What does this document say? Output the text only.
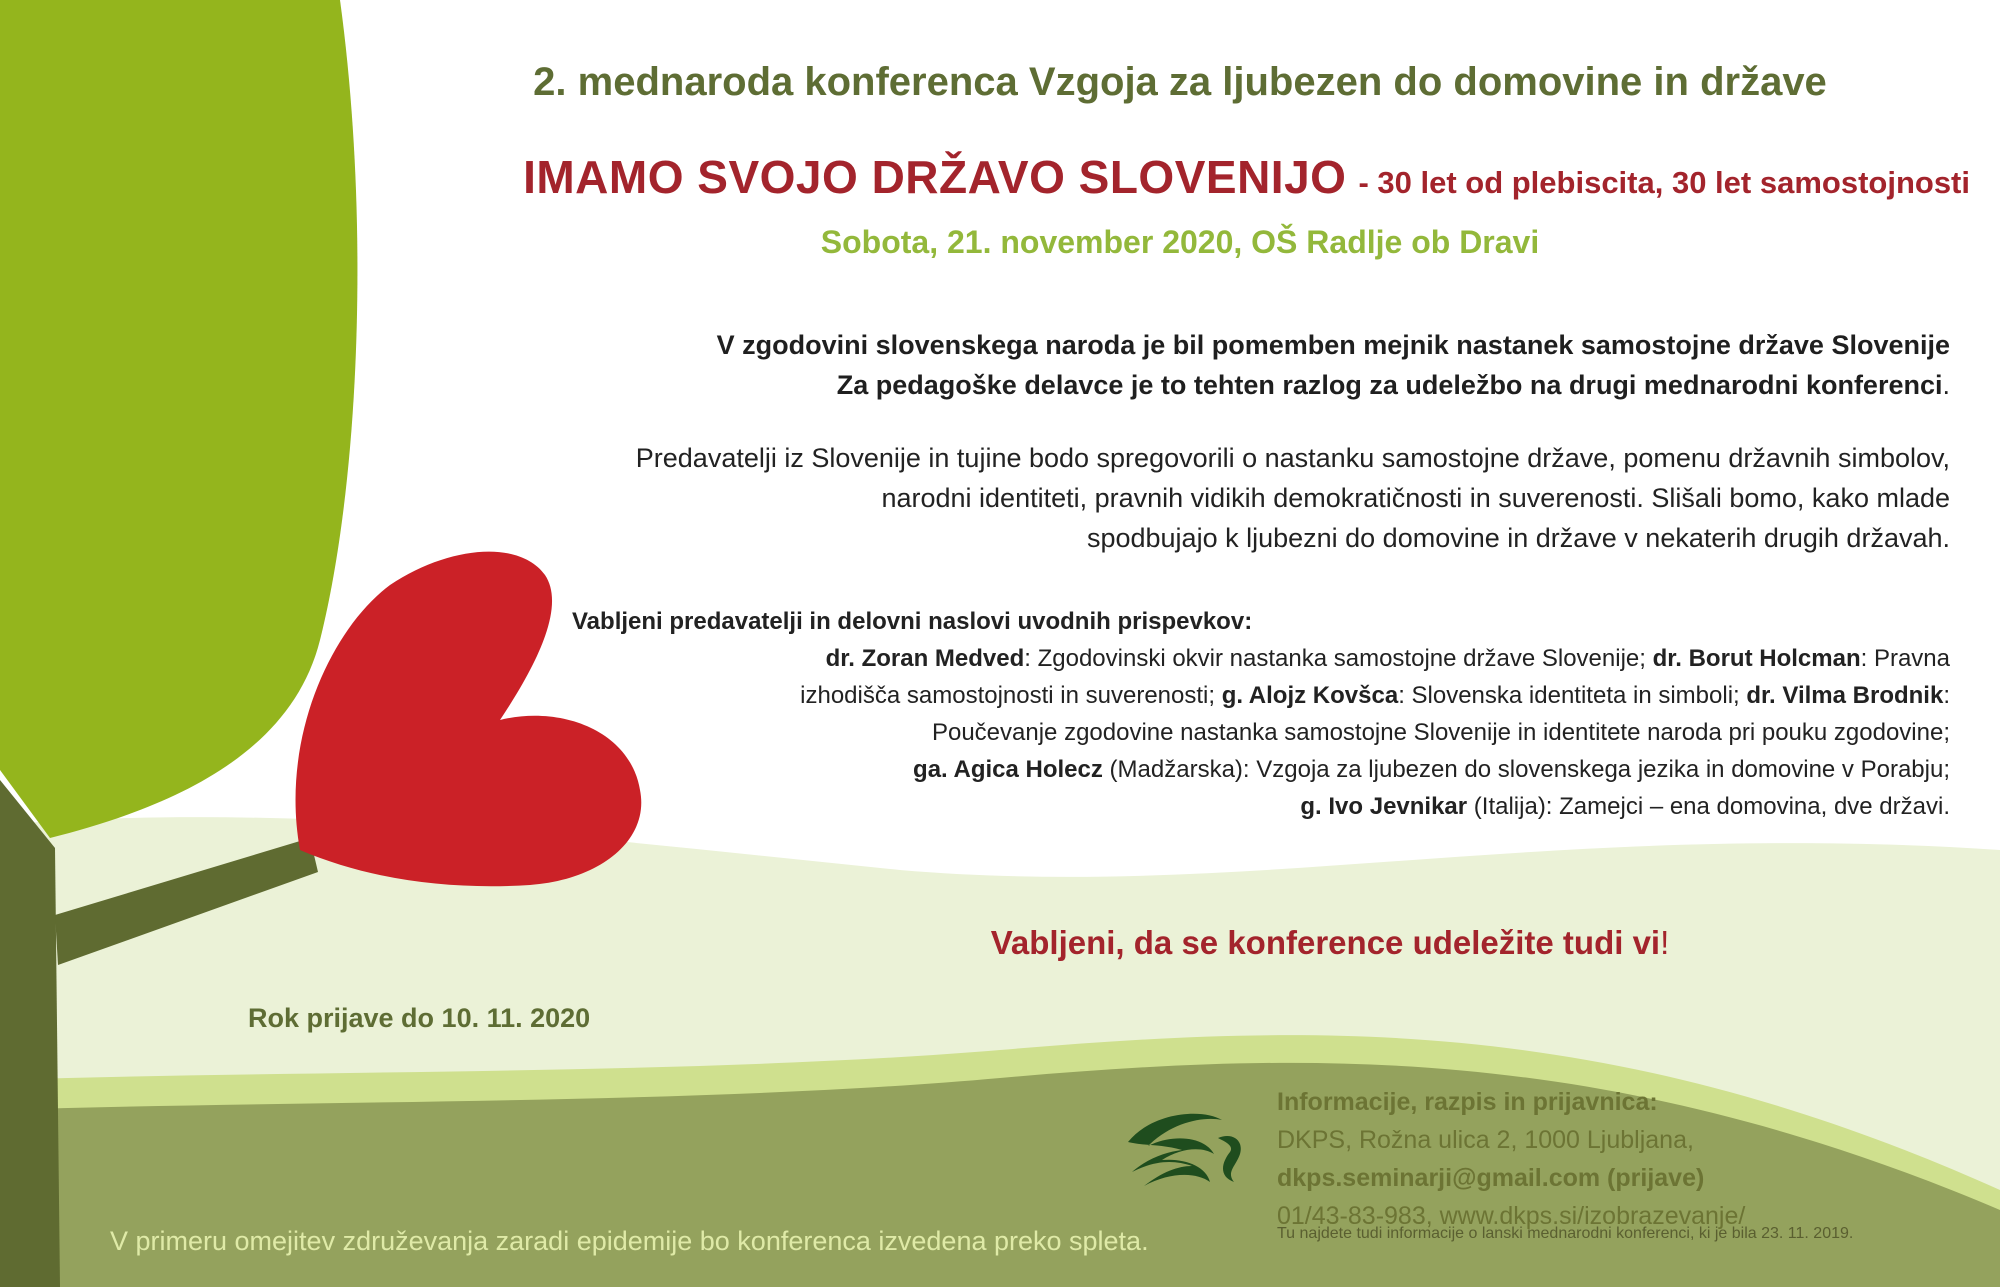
2. mednaroda konferenca Vzgoja za ljubezen do domovine in države
IMAMO SVOJO DRŽAVO SLOVENIJO - 30 let od plebiscita, 30 let samostojnosti
Sobota, 21. november 2020, OŠ Radlje ob Dravi
V zgodovini slovenskega naroda je bil pomemben mejnik nastanek samostojne države Slovenije
Za pedagoške delavce je to tehten razlog za udeležbo na drugi mednarodni konferenci.
Predavatelji iz Slovenije in tujine bodo spregovorili o nastanku samostojne države, pomenu državnih simbolov,
narodni identiteti, pravnih vidikih demokratičnosti in suverenosti. Slišali bomo, kako mlade
spodbujajo k ljubezni do domovine in države v nekaterih drugih državah.
Vabljeni predavatelji in delovni naslovi uvodnih prispevkov:
dr. Zoran Medved: Zgodovinski okvir nastanka samostojne države Slovenije; dr. Borut Holcman: Pravna
izhodišča samostojnosti in suverenosti; g. Alojz Kovšca: Slovenska identiteta in simboli; dr. Vilma Brodnik:
Poučevanje zgodovine nastanka samostojne Slovenije in identitete naroda pri pouku zgodovine;
ga. Agica Holecz (Madžarska): Vzgoja za ljubezen do slovenskega jezika in domovine v Porabju;
g. Ivo Jevnikar (Italija): Zamejci – ena domovina, dve državi.
Vabljeni, da se konference udeležite tudi vi!
Rok prijave do 10. 11. 2020
Informacije, razpis in prijavnica:
DKPS, Rožna ulica 2, 1000 Ljubljana,
dkps.seminarji@gmail.com (prijave)
01/43-83-983, www.dkps.si/izobrazevanje/
Tu najdete tudi informacije o lanski mednarodni konferenci, ki je bila 23. 11. 2019.
V primeru omejitev združevanja zaradi epidemije bo konferenca izvedena preko spleta.
